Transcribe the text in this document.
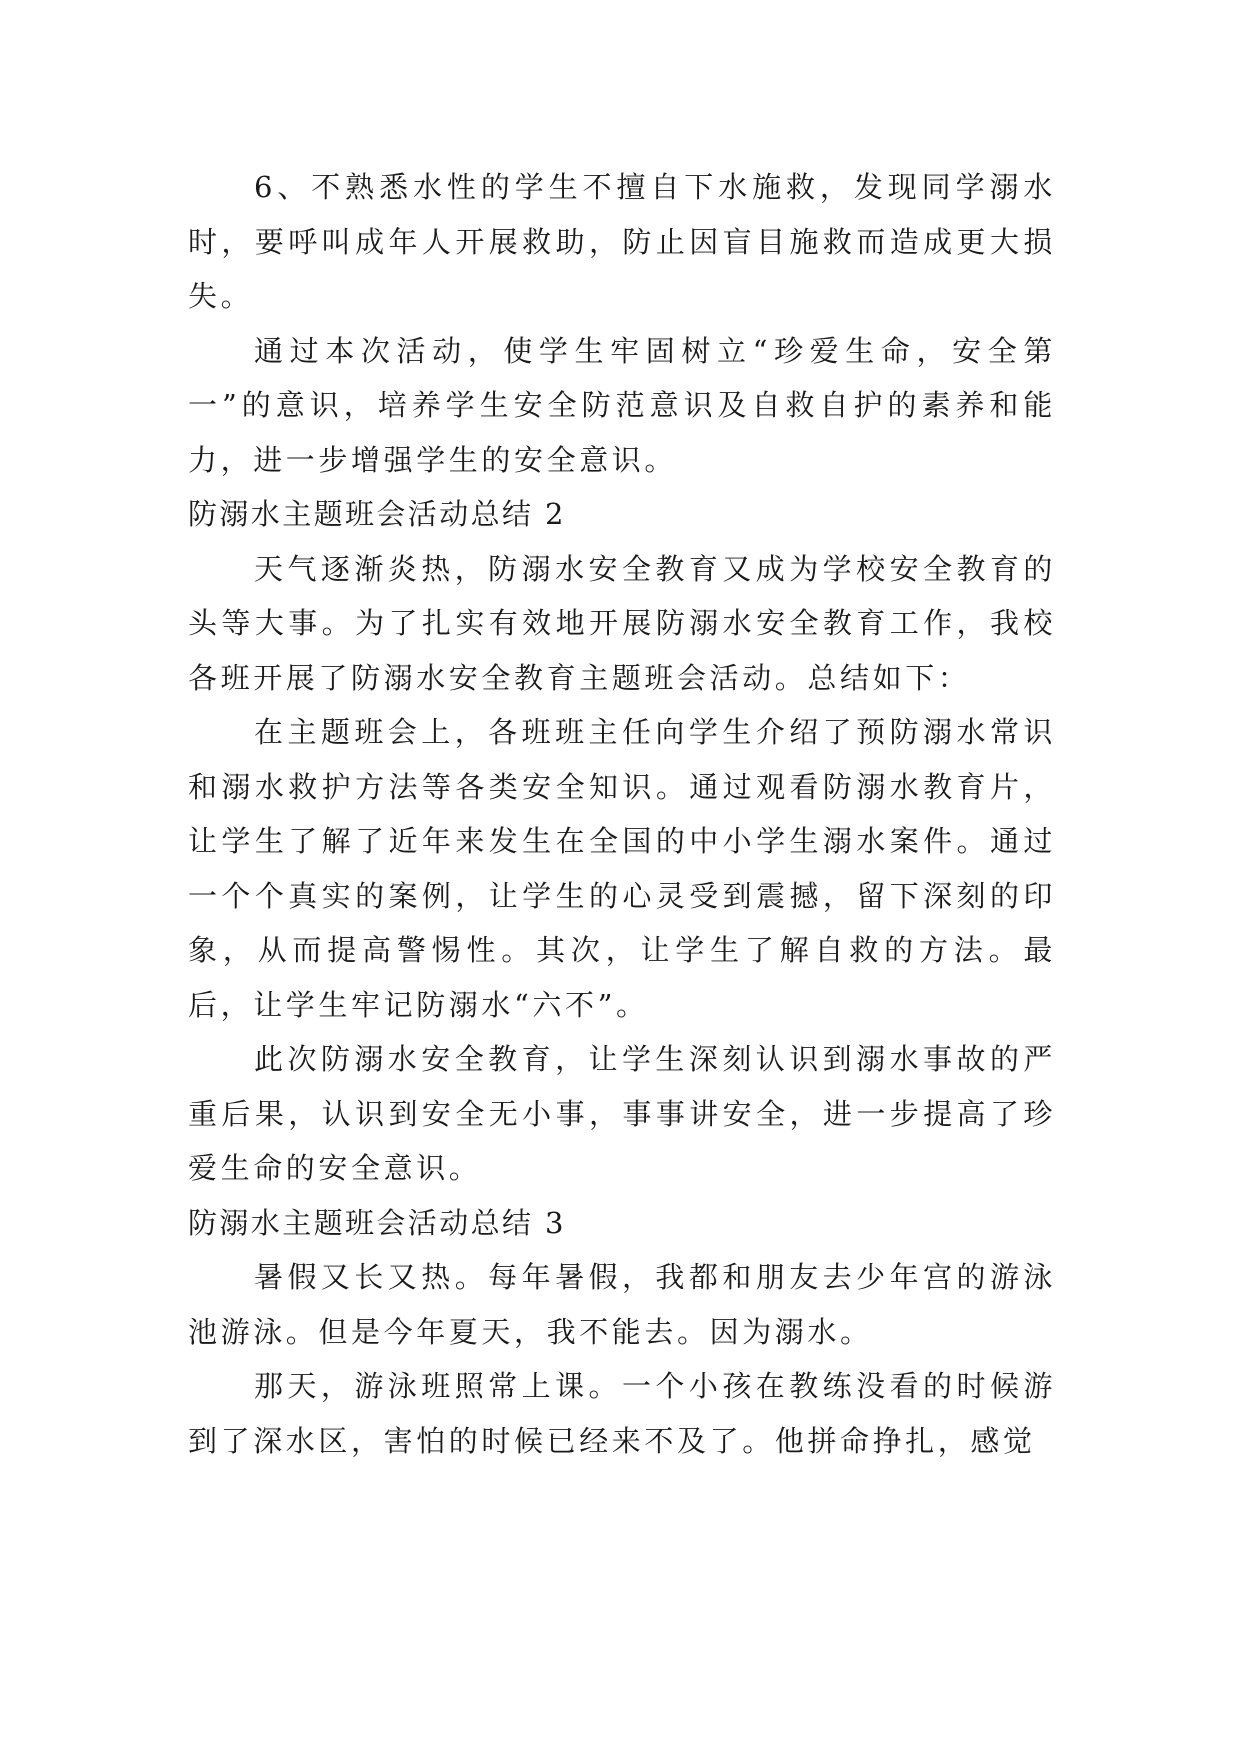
6、不熟悉水性的学生不擅自下水施救，发现同学溺水时，要呼叫成年人开展救助，防止因盲目施救而造成更大损失。

通过本次活动，使学生牢固树立“珍爱生命，安全第一”的意识，培养学生安全防范意识及自救自护的素养和能力，进一步增强学生的安全意识。

防溺水主题班会活动总结 2

天气逐渐炎热，防溺水安全教育又成为学校安全教育的头等大事。为了扎实有效地开展防溺水安全教育工作，我校各班开展了防溺水安全教育主题班会活动。总结如下：

在主题班会上，各班班主任向学生介绍了预防溺水常识和溺水救护方法等各类安全知识。通过观看防溺水教育片，让学生了解了近年来发生在全国的中小学生溺水案件。通过一个个真实的案例，让学生的心灵受到震撼，留下深刻的印象，从而提高警惕性。其次，让学生了解自救的方法。最后，让学生牢记防溺水“六不”。

此次防溺水安全教育，让学生深刻认识到溺水事故的严重后果，认识到安全无小事，事事讲安全，进一步提高了珍爱生命的安全意识。

防溺水主题班会活动总结 3

暑假又长又热。每年暑假，我都和朋友去少年宫的游泳池游泳。但是今年夏天，我不能去。因为溺水。

那天，游泳班照常上课。一个小孩在教练没看的时候游到了深水区，害怕的时候已经来不及了。他拼命挣扎，感觉
